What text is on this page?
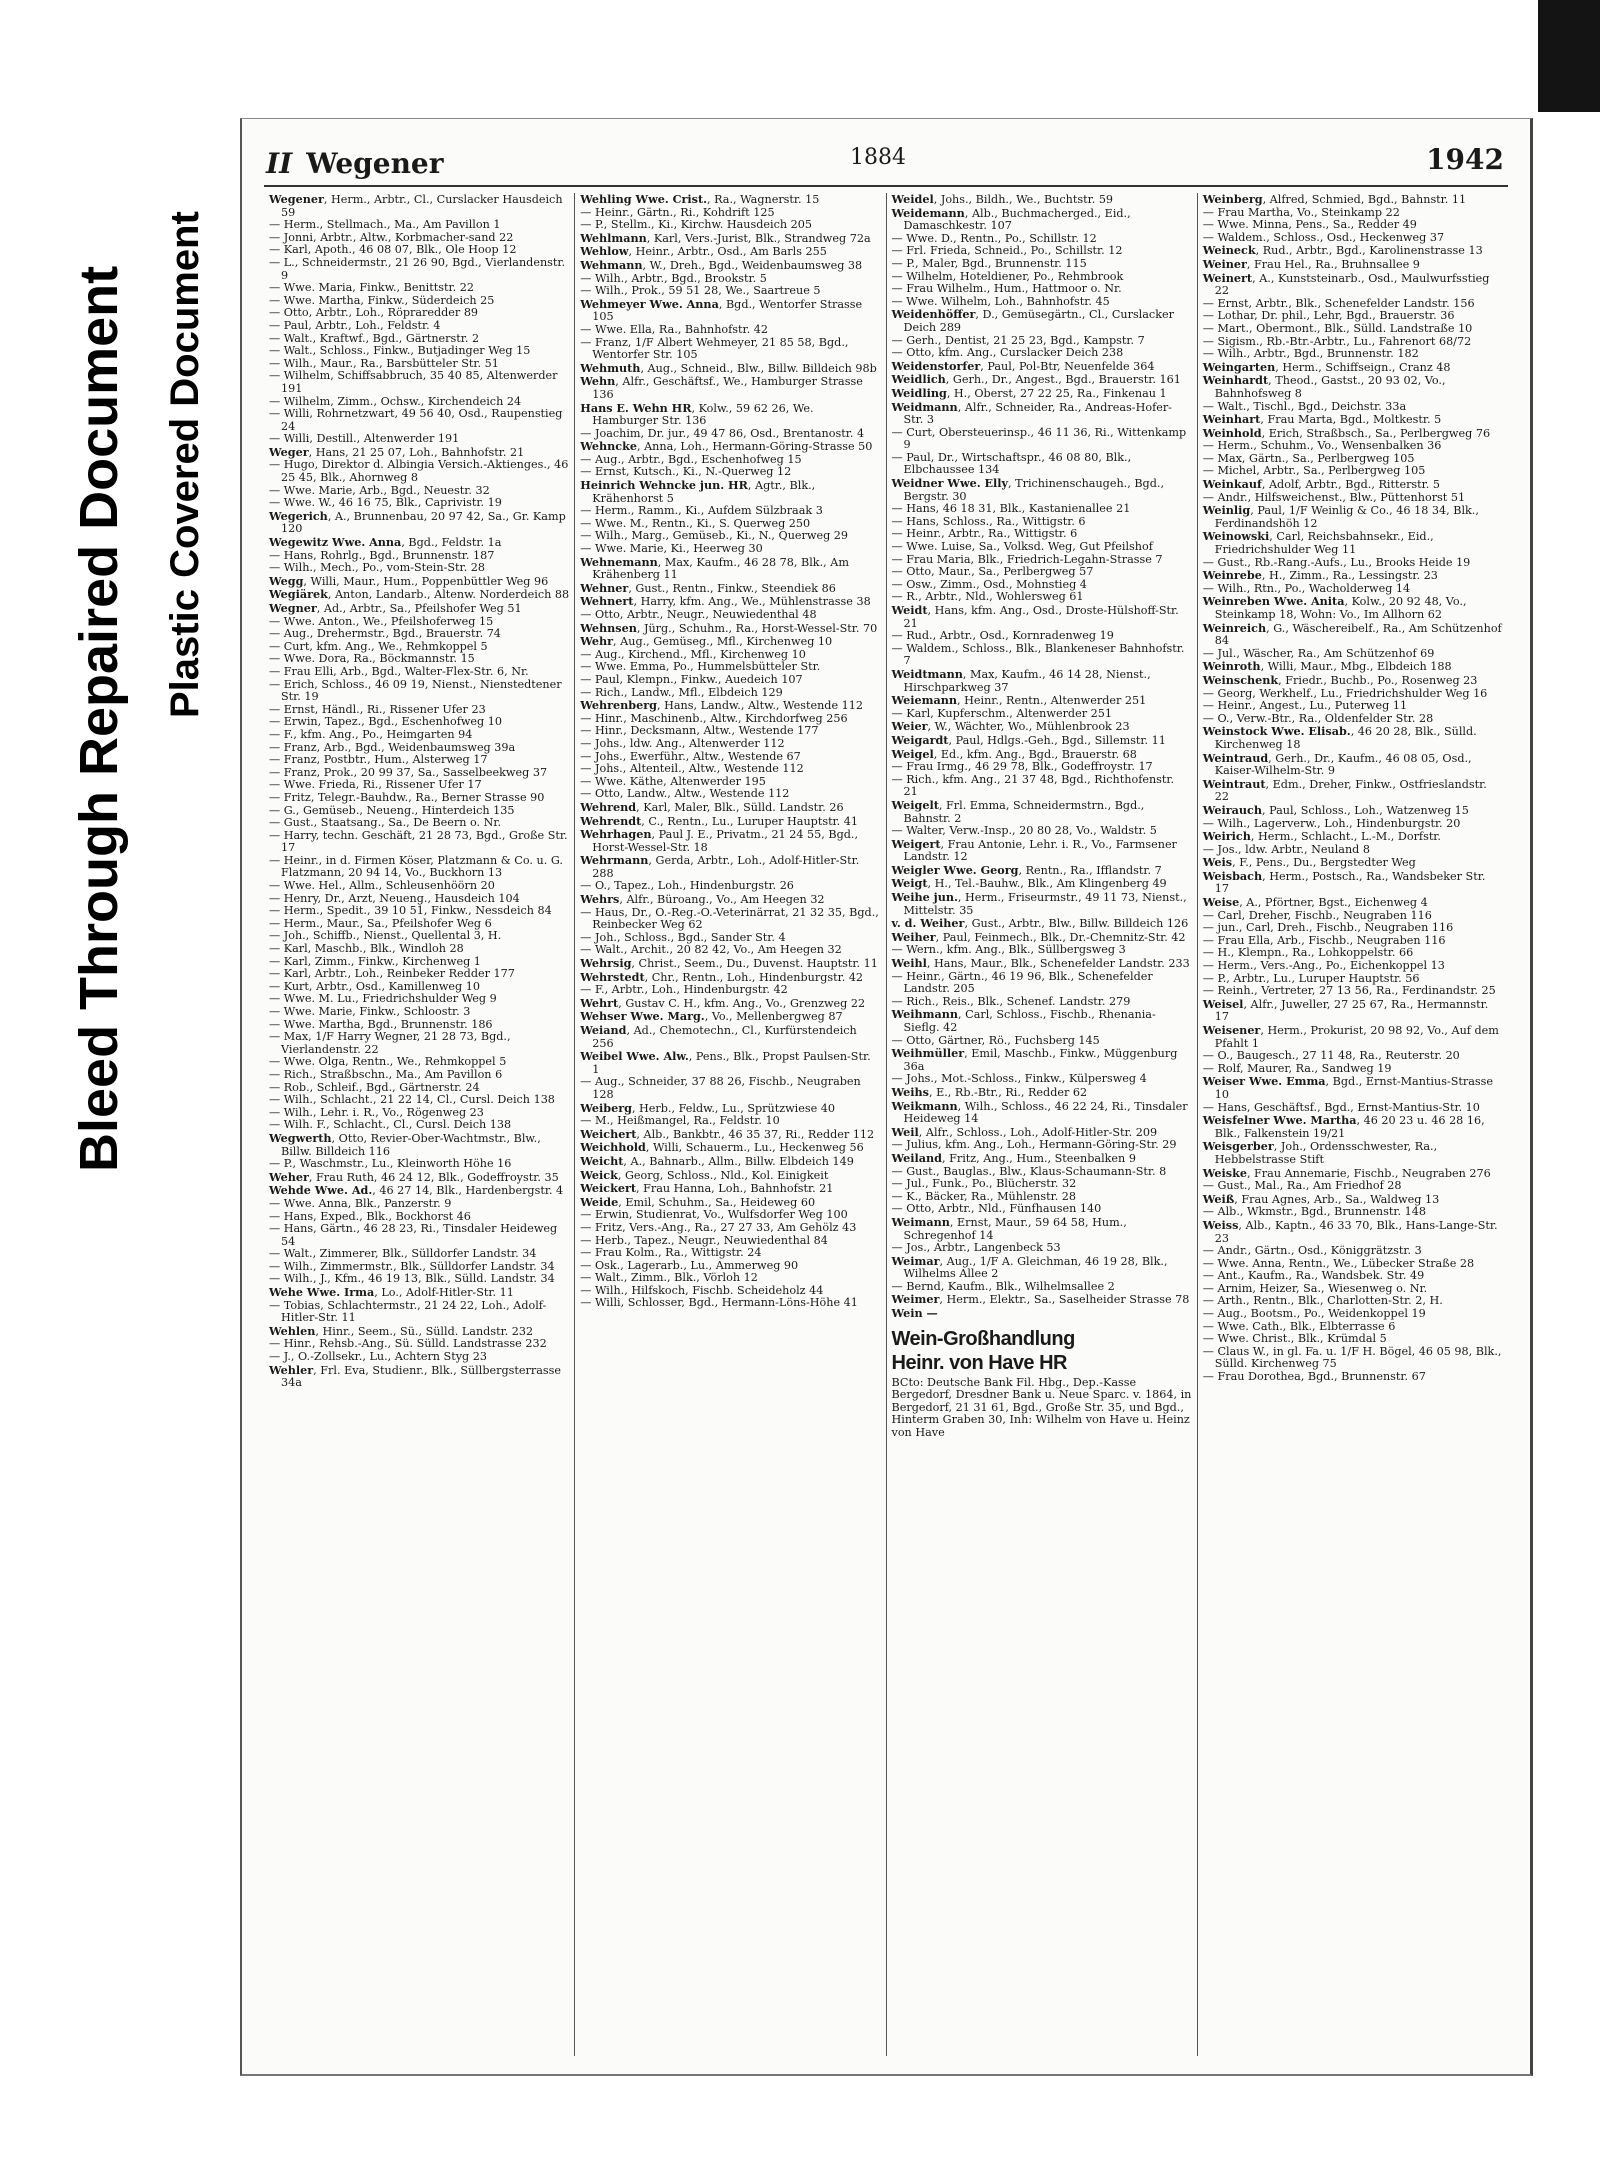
Bleed Through Repaired Document Plastic Covered Document
II Wegener	1884	1942

Wegener, Herm., Arbtr., Cl., Curslacker Hausdeich 59

— Herm., Stellmach., Ma., Am Pavillon 1

— Jonni, Arbtr., Altw., Korbmacher-sand 22

— Karl, Apoth., 46 08 07, Blk., Ole Hoop 12

— L., Schneidermstr., 21 26 90, Bgd., Vierlandenstr. 9

— Wwe. Maria, Finkw., Benittstr. 22

— Wwe. Martha, Finkw., Süderdeich 25

— Otto, Arbtr., Loh., Röpraredder 89

— Paul, Arbtr., Loh., Feldstr. 4

— Walt., Kraftwf., Bgd., Gärtnerstr. 2

— Walt., Schloss., Finkw., Butjadinger Weg 15

— Wilh., Maur., Ra., Barsbütteler Str. 51

— Wilhelm, Schiffsabbruch, 35 40 85, Altenwerder 191

— Wilhelm, Zimm., Ochsw., Kirchendeich 24

— Willi, Rohrnetzwart, 49 56 40, Osd., Raupenstieg 24

— Willi, Destill., Altenwerder 191

Weger, Hans, 21 25 07, Loh., Bahnhofstr. 21

— Hugo, Direktor d. Albingia Versich.-Aktienges., 46 25 45, Blk., Ahornweg 8

— Wwe. Marie, Arb., Bgd., Neuestr. 32

— Wwe. W., 46 16 75, Blk., Caprivistr. 19

Wegerich, A., Brunnenbau, 20 97 42, Sa., Gr. Kamp 120

Wegewitz Wwe. Anna, Bgd., Feldstr. 1a

— Hans, Rohrlg., Bgd., Brunnenstr. 187

— Wilh., Mech., Po., vom-Stein-Str. 28

Wegg, Willi, Maur., Hum., Poppenbüttler Weg 96

Wegiärek, Anton, Landarb., Altenw. Norderdeich 88

Wegner, Ad., Arbtr., Sa., Pfeilshofer Weg 51

— Wwe. Anton., We., Pfeilshoferweg 15

— Aug., Drehermstr., Bgd., Brauerstr. 74

— Curt, kfm. Ang., We., Rehmkoppel 5

— Wwe. Dora, Ra., Böckmannstr. 15

— Frau Elli, Arb., Bgd., Walter-Flex-Str. 6, Nr.

— Erich, Schloss., 46 09 19, Nienst., Nienstedtener Str. 19

— Ernst, Händl., Ri., Rissener Ufer 23

— Erwin, Tapez., Bgd., Eschenhofweg 10

— F., kfm. Ang., Po., Heimgarten 94

— Franz, Arb., Bgd., Weidenbaumsweg 39a

— Franz, Postbtr., Hum., Alsterweg 17

— Franz, Prok., 20 99 37, Sa., Sasselbeekweg 37

— Wwe. Frieda, Ri., Rissener Ufer 17

— Fritz, Telegr.-Bauhdw., Ra., Berner Strasse 90

— G., Gemüseb., Neueng., Hinterdeich 135

— Gust., Staatsang., Sa., De Beern o. Nr.

— Harry, techn. Geschäft, 21 28 73, Bgd., Große Str. 17

— Heinr., in d. Firmen Köser, Platzmann & Co. u. G. Flatzmann, 20 94 14, Vo., Buckhorn 13

— Wwe. Hel., Allm., Schleusenhöörn 20

— Henry, Dr., Arzt, Neueng., Hausdeich 104

— Herm., Spedit., 39 10 51, Finkw., Nessdeich 84

— Herm., Maur., Sa., Pfeilshofer Weg 6

— Joh., Schiffb., Nienst., Quellental 3, H.

— Karl, Maschb., Blk., Windloh 28

— Karl, Zimm., Finkw., Kirchenweg 1

— Karl, Arbtr., Loh., Reinbeker Redder 177

— Kurt, Arbtr., Osd., Kamillenweg 10

— Wwe. M. Lu., Friedrichshulder Weg 9

— Wwe. Marie, Finkw., Schloostr. 3

— Wwe. Martha, Bgd., Brunnenstr. 186

— Max, 1/F Harry Wegner, 21 28 73, Bgd., Vierlandenstr. 22

— Wwe. Olga, Rentn., We., Rehmkoppel 5

— Rich., Straßbschn., Ma., Am Pavillon 6

— Rob., Schleif., Bgd., Gärtnerstr. 24

— Wilh., Schlacht., 21 22 14, Cl., Cursl. Deich 138

— Wilh., Lehr. i. R., Vo., Rögenweg 23

— Wilh. F., Schlacht., Cl., Cursl. Deich 138

Wegwerth, Otto, Revier-Ober-Wachtmstr., Blw., Billw. Billdeich 116

— P., Waschmstr., Lu., Kleinworth Höhe 16

Weher, Frau Ruth, 46 24 12, Blk., Godeffroystr. 35

Wehde Wwe. Ad., 46 27 14, Blk., Hardenbergstr. 4

— Wwe. Anna, Blk., Panzerstr. 9

— Hans, Exped., Blk., Bockhorst 46

— Hans, Gärtn., 46 28 23, Ri., Tinsdaler Heideweg 54

— Walt., Zimmerer, Blk., Sülldorfer Landstr. 34

— Wilh., Zimmermstr., Blk., Sülldorfer Landstr. 34

— Wilh., J., Kfm., 46 19 13, Blk., Sülld. Landstr. 34

Wehe Wwe. Irma, Lo., Adolf-Hitler-Str. 11

— Tobias, Schlachtermstr., 21 24 22, Loh., Adolf-Hitler-Str. 11

Wehlen, Hinr., Seem., Sü., Sülld. Landstr. 232

— Hinr., Rehsb.-Ang., Sü. Sülld. Landstrasse 232

— J., O.-Zollsekr., Lu., Achtern Styg 23

Wehler, Frl. Eva, Studienr., Blk., Süllbergsterrasse 34a

Wehling Wwe. Crist., Ra., Wagnerstr. 15

— Heinr., Gärtn., Ri., Kohdrift 125

— P., Stellm., Ki., Kirchw. Hausdeich 205

Wehlmann, Karl, Vers.-Jurist, Blk., Strandweg 72a

Wehlow, Heinr., Arbtr., Osd., Am Barls 255

Wehmann, W., Dreh., Bgd., Weidenbaumsweg 38

— Wilh., Arbtr., Bgd., Brookstr. 5

— Wilh., Prok., 59 51 28, We., Saartreue 5

Wehmeyer Wwe. Anna, Bgd., Wentorfer Strasse 105

— Wwe. Ella, Ra., Bahnhofstr. 42

— Franz, 1/F Albert Wehmeyer, 21 85 58, Bgd., Wentorfer Str. 105

Wehmuth, Aug., Schneid., Blw., Billw. Billdeich 98b

Wehn, Alfr., Geschäftsf., We., Hamburger Strasse 136

Hans E. Wehn HR, Kolw., 59 62 26, We. Hamburger Str. 136

— Joachim, Dr. jur., 49 47 86, Osd., Brentanostr. 4

Wehncke, Anna, Loh., Hermann-Göring-Strasse 50

— Aug., Arbtr., Bgd., Eschenhofweg 15

— Ernst, Kutsch., Ki., N.-Querweg 12

Heinrich Wehncke jun. HR, Agtr., Blk., Krähenhorst 5

— Herm., Ramm., Ki., Aufdem Sülzbraak 3

— Wwe. M., Rentn., Ki., S. Querweg 250

— Wilh., Marg., Gemüseb., Ki., N., Querweg 29

— Wwe. Marie, Ki., Heerweg 30

Wehnemann, Max, Kaufm., 46 28 78, Blk., Am Krähenberg 11

Wehner, Gust., Rentn., Finkw., Steendiek 86

Wehnert, Harry, kfm. Ang., We., Mühlenstrasse 38

— Otto, Arbtr., Neugr., Neuwiedenthal 48

Wehnsen, Jürg., Schuhm., Ra., Horst-Wessel-Str. 70

Wehr, Aug., Gemüseg., Mfl., Kirchenweg 10

— Aug., Kirchend., Mfl., Kirchenweg 10

— Wwe. Emma, Po., Hummelsbütteler Str.

— Paul, Klempn., Finkw., Auedeich 107

— Rich., Landw., Mfl., Elbdeich 129

Wehrenberg, Hans, Landw., Altw., Westende 112

— Hinr., Maschinenb., Altw., Kirchdorfweg 256

— Hinr., Decksmann, Altw., Westende 177

— Johs., ldw. Ang., Altenwerder 112

— Johs., Ewerführ., Altw., Westende 67

— Johs., Altenteil., Altw., Westende 112

— Wwe. Käthe, Altenwerder 195

— Otto, Landw., Altw., Westende 112

Wehrend, Karl, Maler, Blk., Sülld. Landstr. 26

Wehrendt, C., Rentn., Lu., Luruper Hauptstr. 41

Wehrhagen, Paul J. E., Privatm., 21 24 55, Bgd., Horst-Wessel-Str. 18

Wehrmann, Gerda, Arbtr., Loh., Adolf-Hitler-Str. 288

— O., Tapez., Loh., Hindenburgstr. 26

Wehrs, Alfr., Büroang., Vo., Am Heegen 32

— Haus, Dr., O.-Reg.-O.-Veterinärrat, 21 32 35, Bgd., Reinbecker Weg 62

— Joh., Schloss., Bgd., Sander Str. 4

— Walt., Archit., 20 82 42, Vo., Am Heegen 32

Wehrsig, Christ., Seem., Du., Duvenst. Hauptstr. 11

Wehrstedt, Chr., Rentn., Loh., Hindenburgstr. 42

— F., Arbtr., Loh., Hindenburgstr. 42

Wehrt, Gustav C. H., kfm. Ang., Vo., Grenzweg 22

Wehser Wwe. Marg., Vo., Mellenbergweg 87

Weiand, Ad., Chemotechn., Cl., Kurfürstendeich 256

Weibel Wwe. Alw., Pens., Blk., Propst Paulsen-Str. 1

— Aug., Schneider, 37 88 26, Fischb., Neugraben 128

Weiberg, Herb., Feldw., Lu., Sprützwiese 40

— M., Heißmangel, Ra., Feldstr. 10

Weichert, Alb., Bankbtr., 46 35 37, Ri., Redder 112

Weichhold, Willi, Schauerm., Lu., Heckenweg 56

Weicht, A., Bahnarb., Allm., Billw. Elbdeich 149

Weick, Georg, Schloss., Nld., Kol. Einigkeit

Weickert, Frau Hanna, Loh., Bahnhofstr. 21

Weide, Emil, Schuhm., Sa., Heideweg 60

— Erwin, Studienrat, Vo., Wulfsdorfer Weg 100

— Fritz, Vers.-Ang., Ra., 27 27 33, Am Gehölz 43

— Herb., Tapez., Neugr., Neuwiedenthal 84

— Frau Kolm., Ra., Wittigstr. 24

— Osk., Lagerarb., Lu., Ammerweg 90

— Walt., Zimm., Blk., Vörloh 12

— Wilh., Hilfskoch, Fischb. Scheideholz 44

— Willi, Schlosser, Bgd., Hermann-Löns-Höhe 41

Weidel, Johs., Bildh., We., Buchtstr. 59

Weidemann, Alb., Buchmacherged., Eid., Damaschkestr. 107

— Wwe. D., Rentn., Po., Schillstr. 12

— Frl. Frieda, Schneid., Po., Schillstr. 12

— P., Maler, Bgd., Brunnenstr. 115

— Wilhelm, Hoteldiener, Po., Rehmbrook

— Frau Wilhelm., Hum., Hattmoor o. Nr.

— Wwe. Wilhelm, Loh., Bahnhofstr. 45

Weidenhöffer, D., Gemüsegärtn., Cl., Curslacker Deich 289

— Gerh., Dentist, 21 25 23, Bgd., Kampstr. 7

— Otto, kfm. Ang., Curslacker Deich 238

Weidenstorfer, Paul, Pol-Btr, Neuenfelde 364

Weidlich, Gerh., Dr., Angest., Bgd., Brauerstr. 161

Weidling, H., Oberst, 27 22 25, Ra., Finkenau 1

Weidmann, Alfr., Schneider, Ra., Andreas-Hofer-Str. 3

— Curt, Obersteuerinsp., 46 11 36, Ri., Wittenkamp 9

— Paul, Dr., Wirtschaftspr., 46 08 80, Blk., Elbchaussee 134

Weidner Wwe. Elly, Trichinenschaugeh., Bgd., Bergstr. 30

— Hans, 46 18 31, Blk., Kastanienallee 21

— Hans, Schloss., Ra., Wittigstr. 6

— Heinr., Arbtr., Ra., Wittigstr. 6

— Wwe. Luise, Sa., Volksd. Weg, Gut Pfeilshof

— Frau Maria, Blk., Friedrich-Legahn-Strasse 7

— Otto, Maur., Sa., Perlbergweg 57

— Osw., Zimm., Osd., Mohnstieg 4

— R., Arbtr., Nld., Wohlersweg 61

Weidt, Hans, kfm. Ang., Osd., Droste-Hülshoff-Str. 21

— Rud., Arbtr., Osd., Kornradenweg 19

— Waldem., Schloss., Blk., Blankeneser Bahnhofstr. 7

Weidtmann, Max, Kaufm., 46 14 28, Nienst., Hirschparkweg 37

Weiemann, Heinr., Rentn., Altenwerder 251

— Karl, Kupferschm., Altenwerder 251

Weier, W., Wächter, Wo., Mühlenbrook 23

Weigardt, Paul, Hdlgs.-Geh., Bgd., Sillemstr. 11

Weigel, Ed., kfm. Ang., Bgd., Brauerstr. 68

— Frau Irmg., 46 29 78, Blk., Godeffroystr. 17

— Rich., kfm. Ang., 21 37 48, Bgd., Richthofenstr. 21

Weigelt, Frl. Emma, Schneidermstrn., Bgd., Bahnstr. 2

— Walter, Verw.-Insp., 20 80 28, Vo., Waldstr. 5

Weigert, Frau Antonie, Lehr. i. R., Vo., Farmsener Landstr. 12

Weigler Wwe. Georg, Rentn., Ra., Ifflandstr. 7

Weigt, H., Tel.-Bauhw., Blk., Am Klingenberg 49

Weihe jun., Herm., Friseurmstr., 49 11 73, Nienst., Mittelstr. 35

v. d. Weiher, Gust., Arbtr., Blw., Billw. Billdeich 126

Weiher, Paul, Feinmech., Blk., Dr.-Chemnitz-Str. 42

— Wern., kfm. Ang., Blk., Süllbergsweg 3

Weihl, Hans, Maur., Blk., Schenefelder Landstr. 233

— Heinr., Gärtn., 46 19 96, Blk., Schenefelder Landstr. 205

— Rich., Reis., Blk., Schenef. Landstr. 279

Weihmann, Carl, Schloss., Fischb., Rhenania-Sieflg. 42

— Otto, Gärtner, Rö., Fuchsberg 145

Weihmüller, Emil, Maschb., Finkw., Müggenburg 36a

— Johs., Mot.-Schloss., Finkw., Külpersweg 4

Weihs, E., Rb.-Btr., Ri., Redder 62

Weikmann, Wilh., Schloss., 46 22 24, Ri., Tinsdaler Heideweg 14

Weil, Alfr., Schloss., Loh., Adolf-Hitler-Str. 209

— Julius, kfm. Ang., Loh., Hermann-Göring-Str. 29

Weiland, Fritz, Ang., Hum., Steenbalken 9

— Gust., Bauglas., Blw., Klaus-Schaumann-Str. 8

— Jul., Funk., Po., Blücherstr. 32

— K., Bäcker, Ra., Mühlenstr. 28

— Otto, Arbtr., Nld., Fünfhausen 140

Weimann, Ernst, Maur., 59 64 58, Hum., Schregenhof 14

— Jos., Arbtr., Langenbeck 53

Weimar, Aug., 1/F A. Gleichman, 46 19 28, Blk., Wilhelms Allee 2

— Bernd, Kaufm., Blk., Wilhelmsallee 2

Weimer, Herm., Elektr., Sa., Saselheider Strasse 78

Wein —

Wein-Großhandlung
Heinr. von Have HR
BCto: Deutsche Bank Fil. Hbg., Dep.-Kasse Bergedorf, Dresdner Bank u. Neue Sparc. v. 1864, in Bergedorf, 21 31 61, Bgd., Große Str. 35, und Bgd., Hinterm Graben 30, Inh: Wilhelm von Have u. Heinz von Have

Weinberg, Alfred, Schmied, Bgd., Bahnstr. 11

— Frau Martha, Vo., Steinkamp 22

— Wwe. Minna, Pens., Sa., Redder 49

— Waldem., Schloss., Osd., Heckenweg 37

Weineck, Rud., Arbtr., Bgd., Karolinenstrasse 13

Weiner, Frau Hel., Ra., Bruhnsallee 9

Weinert, A., Kunststeinarb., Osd., Maulwurfsstieg 22

— Ernst, Arbtr., Blk., Schenefelder Landstr. 156

— Lothar, Dr. phil., Lehr, Bgd., Brauerstr. 36

— Mart., Obermont., Blk., Sülld. Landstraße 10

— Sigism., Rb.-Btr.-Arbtr., Lu., Fahrenort 68/72

— Wilh., Arbtr., Bgd., Brunnenstr. 182

Weingarten, Herm., Schiffseign., Cranz 48

Weinhardt, Theod., Gastst., 20 93 02, Vo., Bahnhofsweg 8

— Walt., Tischl., Bgd., Deichstr. 33a

Weinhart, Frau Marta, Bgd., Moltkestr. 5

Weinhold, Erich, Straßbsch., Sa., Perlbergweg 76

— Herm., Schuhm., Vo., Wensenbalken 36

— Max, Gärtn., Sa., Perlbergweg 105

— Michel, Arbtr., Sa., Perlbergweg 105

Weinkauf, Adolf, Arbtr., Bgd., Ritterstr. 5

— Andr., Hilfsweichenst., Blw., Püttenhorst 51

Weinlig, Paul, 1/F Weinlig & Co., 46 18 34, Blk., Ferdinandshöh 12

Weinowski, Carl, Reichsbahnsekr., Eid., Friedrichshulder Weg 11

— Gust., Rb.-Rang.-Aufs., Lu., Brooks Heide 19

Weinrebe, H., Zimm., Ra., Lessingstr. 23

— Wilh., Rtn., Po., Wacholderweg 14

Weinreben Wwe. Anita, Kolw., 20 92 48, Vo., Steinkamp 18, Wohn: Vo., Im Allhorn 62

Weinreich, G., Wäschereibelf., Ra., Am Schützenhof 84

— Jul., Wäscher, Ra., Am Schützenhof 69

Weinroth, Willi, Maur., Mbg., Elbdeich 188

Weinschenk, Friedr., Buchb., Po., Rosenweg 23

— Georg, Werkhelf., Lu., Friedrichshulder Weg 16

— Heinr., Angest., Lu., Puterweg 11

— O., Verw.-Btr., Ra., Oldenfelder Str. 28

Weinstock Wwe. Elisab., 46 20 28, Blk., Sülld. Kirchenweg 18

Weintraud, Gerh., Dr., Kaufm., 46 08 05, Osd., Kaiser-Wilhelm-Str. 9

Weintraut, Edm., Dreher, Finkw., Ostfrieslandstr. 22

Weirauch, Paul, Schloss., Loh., Watzenweg 15

— Wilh., Lagerverw., Loh., Hindenburgstr. 20

Weirich, Herm., Schlacht., L.-M., Dorfstr.

— Jos., ldw. Arbtr., Neuland 8

Weis, F., Pens., Du., Bergstedter Weg

Weisbach, Herm., Postsch., Ra., Wandsbeker Str. 17

Weise, A., Pförtner, Bgst., Eichenweg 4

— Carl, Dreher, Fischb., Neugraben 116

— jun., Carl, Dreh., Fischb., Neugraben 116

— Frau Ella, Arb., Fischb., Neugraben 116

— H., Klempn., Ra., Lohkoppelstr. 66

— Herm., Vers.-Ang., Po., Eichenkoppel 13

— P., Arbtr., Lu., Luruper Hauptstr. 56

— Reinh., Vertreter, 27 13 56, Ra., Ferdinandstr. 25

Weisel, Alfr., Juweller, 27 25 67, Ra., Hermannstr. 17

Weisener, Herm., Prokurist, 20 98 92, Vo., Auf dem Pfahlt 1

— O., Baugesch., 27 11 48, Ra., Reuterstr. 20

— Rolf, Maurer, Ra., Sandweg 19

Weiser Wwe. Emma, Bgd., Ernst-Mantius-Strasse 10

— Hans, Geschäftsf., Bgd., Ernst-Mantius-Str. 10

Weisfelner Wwe. Martha, 46 20 23 u. 46 28 16, Blk., Falkenstein 19/21

Weisgerber, Joh., Ordensschwester, Ra., Hebbelstrasse Stift

Weiske, Frau Annemarie, Fischb., Neugraben 276

— Gust., Mal., Ra., Am Friedhof 28

Weiß, Frau Agnes, Arb., Sa., Waldweg 13

— Alb., Wkmstr., Bgd., Brunnenstr. 148

Weiss, Alb., Kaptn., 46 33 70, Blk., Hans-Lange-Str. 23

— Andr., Gärtn., Osd., Königgrätzstr. 3

— Wwe. Anna, Rentn., We., Lübecker Straße 28

— Ant., Kaufm., Ra., Wandsbek. Str. 49

— Arnim, Heizer, Sa., Wiesenweg o. Nr.

— Arth., Rentn., Blk., Charlotten-Str. 2, H.

— Aug., Bootsm., Po., Weidenkoppel 19

— Wwe. Cath., Blk., Elbterrasse 6

— Wwe. Christ., Blk., Krümdal 5

— Claus W., in gl. Fa. u. 1/F H. Bögel, 46 05 98, Blk., Sülld. Kirchenweg 75

— Frau Dorothea, Bgd., Brunnenstr. 67
